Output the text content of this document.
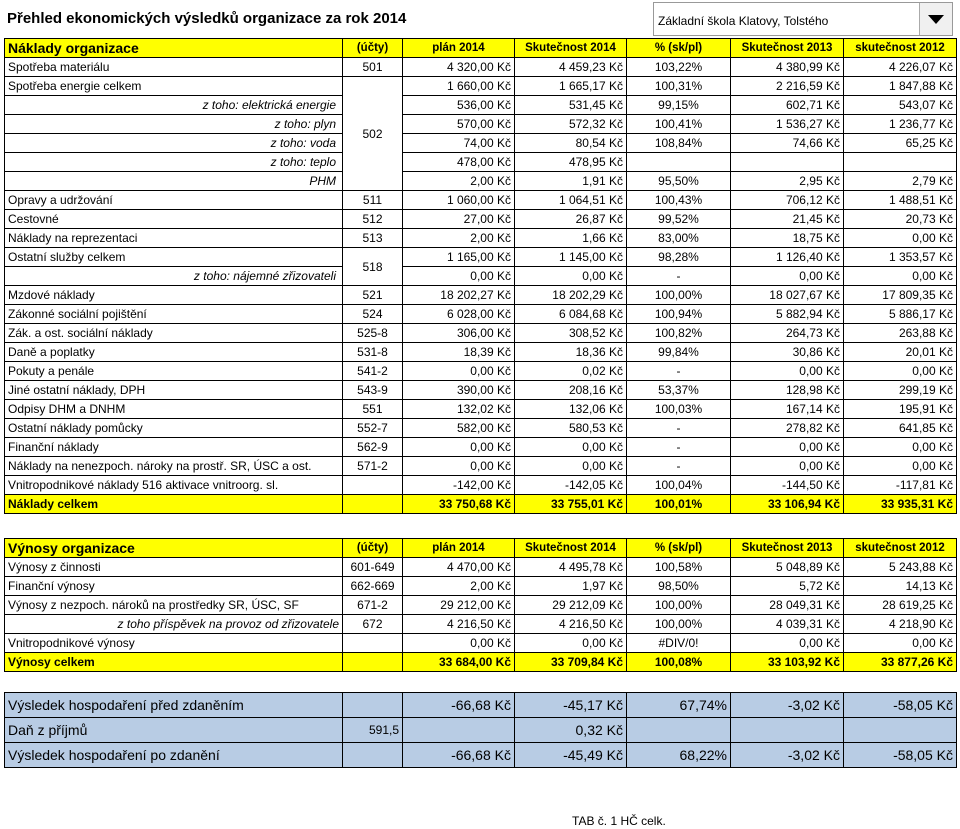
Přehled ekonomických výsledků organizace za rok 2014	Základní škola Klatovy, Tolstého
Náklady organizace	(účty)	plán 2014	Skutečnost 2014	% (sk/pl)	Skutečnost 2013	skutečnost 2012
Spotřeba materiálu	501	4 320,00 Kč	4 459,23 Kč	103,22%	4 380,99 Kč	4 226,07 Kč
Spotřeba energie celkem	502	1 660,00 Kč	1 665,17 Kč	100,31%	2 216,59 Kč	1 847,88 Kč
z toho: elektrická energie		536,00 Kč	531,45 Kč	99,15%	602,71 Kč	543,07 Kč
z toho: plyn		570,00 Kč	572,32 Kč	100,41%	1 536,27 Kč	1 236,77 Kč
z toho: voda		74,00 Kč	80,54 Kč	108,84%	74,66 Kč	65,25 Kč
z toho: teplo		478,00 Kč	478,95 Kč			
PHM		2,00 Kč	1,91 Kč	95,50%	2,95 Kč	2,79 Kč
Opravy a udržování	511	1 060,00 Kč	1 064,51 Kč	100,43%	706,12 Kč	1 488,51 Kč
Cestovné	512	27,00 Kč	26,87 Kč	99,52%	21,45 Kč	20,73 Kč
Náklady na reprezentaci	513	2,00 Kč	1,66 Kč	83,00%	18,75 Kč	0,00 Kč
Ostatní služby celkem	518	1 165,00 Kč	1 145,00 Kč	98,28%	1 126,40 Kč	1 353,57 Kč
z toho: nájemné zřizovateli		0,00 Kč	0,00 Kč	-	0,00 Kč	0,00 Kč
Mzdové náklady	521	18 202,27 Kč	18 202,29 Kč	100,00%	18 027,67 Kč	17 809,35 Kč
Zákonné sociální pojištění	524	6 028,00 Kč	6 084,68 Kč	100,94%	5 882,94 Kč	5 886,17 Kč
Zák. a ost. sociální náklady	525-8	306,00 Kč	308,52 Kč	100,82%	264,73 Kč	263,88 Kč
Daně a poplatky	531-8	18,39 Kč	18,36 Kč	99,84%	30,86 Kč	20,01 Kč
Pokuty a penále	541-2	0,00 Kč	0,02 Kč	-	0,00 Kč	0,00 Kč
Jiné ostatní náklady, DPH	543-9	390,00 Kč	208,16 Kč	53,37%	128,98 Kč	299,19 Kč
Odpisy DHM a DNHM	551	132,02 Kč	132,06 Kč	100,03%	167,14 Kč	195,91 Kč
Ostatní náklady pomůcky	552-7	582,00 Kč	580,53 Kč	-	278,82 Kč	641,85 Kč
Finanční náklady	562-9	0,00 Kč	0,00 Kč	-	0,00 Kč	0,00 Kč
Náklady na nenezpoch. nároky na prostř. SR, ÚSC a ost.	571-2	0,00 Kč	0,00 Kč	-	0,00 Kč	0,00 Kč
Vnitropodnikové náklady 516 aktivace vnitroorg. sl.		-142,00 Kč	-142,05 Kč	100,04%	-144,50 Kč	-117,81 Kč
Náklady celkem		33 750,68 Kč	33 755,01 Kč	100,01%	33 106,94 Kč	33 935,31 Kč
Výnosy organizace	(účty)	plán 2014	Skutečnost 2014	% (sk/pl)	Skutečnost 2013	skutečnost 2012
Výnosy z činnosti	601-649	4 470,00 Kč	4 495,78 Kč	100,58%	5 048,89 Kč	5 243,88 Kč
Finanční výnosy	662-669	2,00 Kč	1,97 Kč	98,50%	5,72 Kč	14,13 Kč
Výnosy z nezpoch. nároků na prostředky SR, ÚSC, SF	671-2	29 212,00 Kč	29 212,09 Kč	100,00%	28 049,31 Kč	28 619,25 Kč
z toho příspěvek na provoz od zřizovatele	672	4 216,50 Kč	4 216,50 Kč	100,00%	4 039,31 Kč	4 218,90 Kč
Vnitropodnikové výnosy		0,00 Kč	0,00 Kč	#DIV/0!	0,00 Kč	0,00 Kč
Výnosy celkem		33 684,00 Kč	33 709,84 Kč	100,08%	33 103,92 Kč	33 877,26 Kč
Výsledek hospodaření před zdaněním		-66,68 Kč	-45,17 Kč	67,74%	-3,02 Kč	-58,05 Kč
Daň z příjmů	591,5		0,32 Kč			
Výsledek hospodaření po zdanění		-66,68 Kč	-45,49 Kč	68,22%	-3,02 Kč	-58,05 Kč
TAB č. 1 HČ celk.
